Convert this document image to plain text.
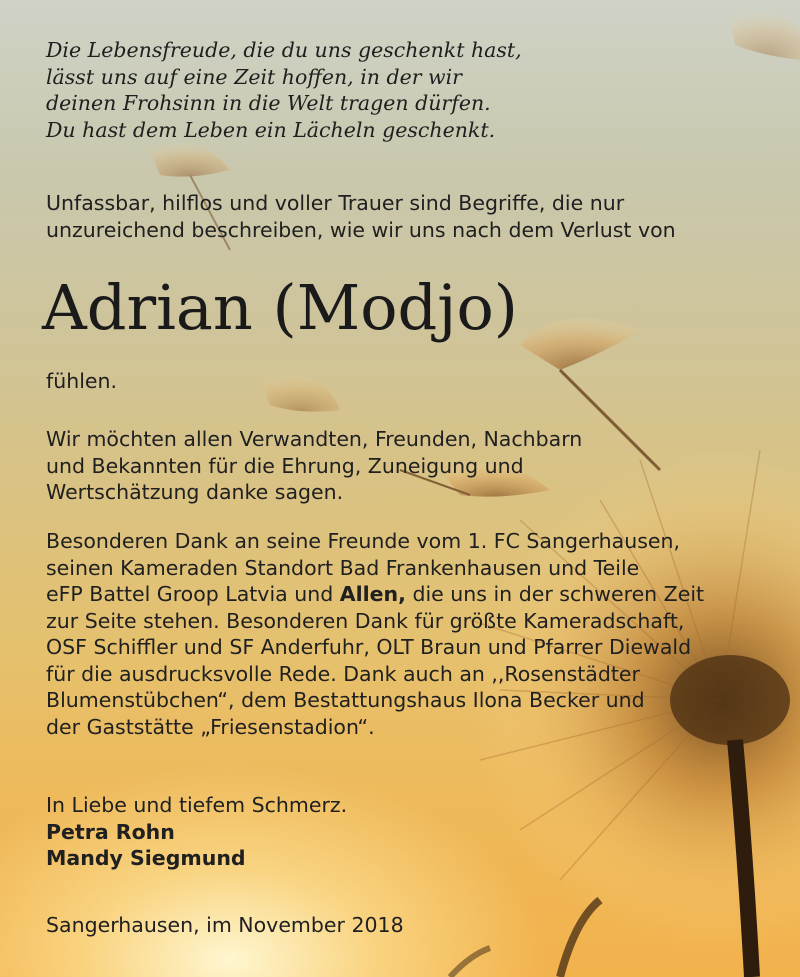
Die Lebensfreude, die du uns geschenkt hast,
lässt uns auf eine Zeit hoffen, in der wir
deinen Frohsinn in die Welt tragen dürfen.
Du hast dem Leben ein Lächeln geschenkt.
Unfassbar, hilflos und voller Trauer sind Begriffe, die nur
unzureichend beschreiben, wie wir uns nach dem Verlust von
Adrian (Modjo)
fühlen.
Wir möchten allen Verwandten, Freunden, Nachbarn
und Bekannten für die Ehrung, Zuneigung und
Wertschätzung danke sagen.
Besonderen Dank an seine Freunde vom 1. FC Sangerhausen,
seinen Kameraden Standort Bad Frankenhausen und Teile
eFP Battel Groop Latvia und Allen, die uns in der schweren Zeit
zur Seite stehen. Besonderen Dank für größte Kameradschaft,
OSF Schiffler und SF Anderfuhr, OLT Braun und Pfarrer Diewald
für die ausdrucksvolle Rede. Dank auch an ,,Rosenstädter
Blumenstübchen“, dem Bestattungshaus Ilona Becker und
der Gaststätte „Friesenstadion“.
In Liebe und tiefem Schmerz.
Petra Rohn
Mandy Siegmund
Sangerhausen, im November 2018
